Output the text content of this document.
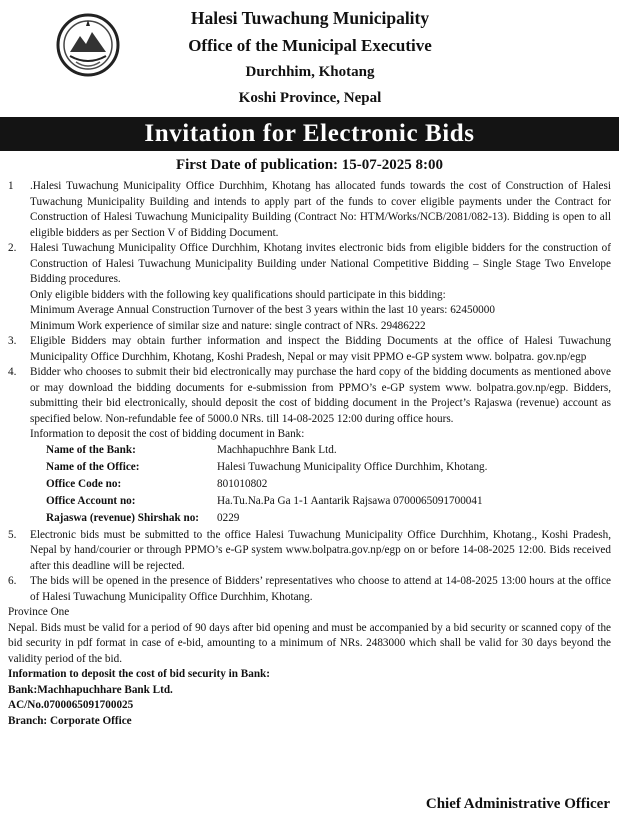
Halesi Tuwachung Municipality
Office of the Municipal Executive
Durchhim, Khotang
Koshi Province, Nepal
Invitation for Electronic Bids
First Date of publication: 15-07-2025 8:00
1 .Halesi Tuwachung Municipality Office Durchhim, Khotang has allocated funds towards the cost of Construction of Halesi Tuwachung Municipality Building and intends to apply part of the funds to cover eligible payments under the Contract for Construction of Halesi Tuwachung Municipality Building (Contract No: HTM/Works/NCB/2081/082-13). Bidding is open to all eligible bidders as per Section V of Bidding Document.

2. Halesi Tuwachung Municipality Office Durchhim, Khotang invites electronic bids from eligible bidders for the construction of Construction of Halesi Tuwachung Municipality Building under National Competitive Bidding – Single Stage Two Envelope Bidding procedures.

Only eligible bidders with the following key qualifications should participate in this bidding:

Minimum Average Annual Construction Turnover of the best 3 years within the last 10 years: 62450000

Minimum Work experience of similar size and nature: single contract of NRs. 29486222

3. Eligible Bidders may obtain further information and inspect the Bidding Documents at the office of Halesi Tuwachung Municipality Office Durchhim, Khotang, Koshi Pradesh, Nepal or may visit PPMO e-GP system www. bolpatra. gov.np/egp

4. Bidder who chooses to submit their bid electronically may purchase the hard copy of the bidding documents as mentioned above or may download the bidding documents for e-submission from PPMO’s e-GP system www. bolpatra.gov.np/egp. Bidders, submitting their bid electronically, should deposit the cost of bidding document in the Project’s Rajaswa (revenue) account as specified below. Non-refundable fee of 5000.0 NRs. till 14-08-2025 12:00 during office hours.

Information to deposit the cost of bidding document in Bank:

Name of the Bank:	Machhapuchhre Bank Ltd.
Name of the Office:	Halesi Tuwachung Municipality Office Durchhim, Khotang.
Office Code no:	801010802
Office Account no:	Ha.Tu.Na.Pa Ga 1-1 Aantarik Rajsawa 0700065091700041
Rajaswa (revenue) Shirshak no:	0229
5. Electronic bids must be submitted to the office Halesi Tuwachung Municipality Office Durchhim, Khotang., Koshi Pradesh, Nepal by hand/courier or through PPMO’s e-GP system www.bolpatra.gov.np/egp on or before 14-08-2025 12:00. Bids received after this deadline will be rejected.

6. The bids will be opened in the presence of Bidders’ representatives who choose to attend at 14-08-2025 13:00 hours at the office of Halesi Tuwachung Municipality Office Durchhim, Khotang.

Province One

Nepal. Bids must be valid for a period of 90 days after bid opening and must be accompanied by a bid security or scanned copy of the bid security in pdf format in case of e-bid, amounting to a minimum of NRs. 2483000 which shall be valid for 30 days beyond the validity period of the bid.

Information to deposit the cost of bid security in Bank:

Bank:Machhapuchhare Bank Ltd.

AC/No.0700065091700025

Branch: Corporate Office

Chief Administrative Officer
